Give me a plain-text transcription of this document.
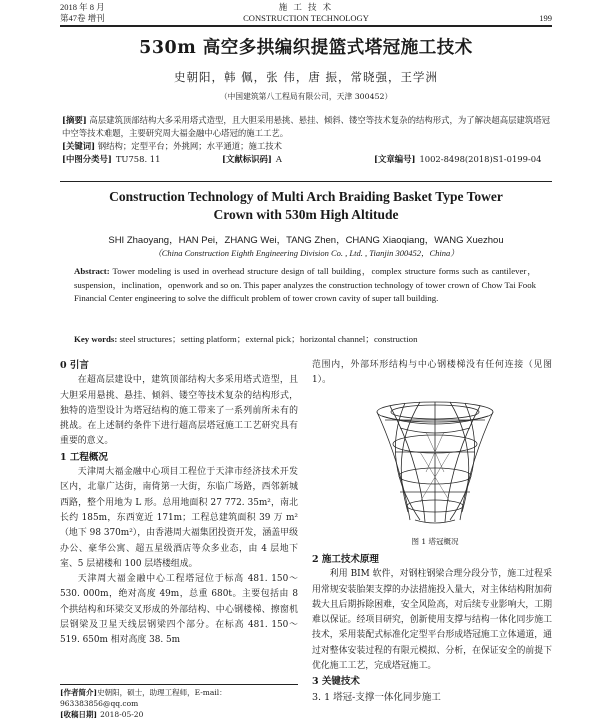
2018 年 8 月
第47卷 增刊
施 工 技 术
CONSTRUCTION TECHNOLOGY	199
530m 高空多拱编织提篮式塔冠施工技术
史朝阳，韩 佩，张 伟，唐 振，常晓强，王学洲
（中国建筑第八工程局有限公司，天津 300452）
[摘要] 高层建筑顶部结构大多采用塔式造型，且大胆采用悬挑、悬挂、倾斜、镂空等技术复杂的结构形式，为了解决超高层建筑塔冠中空等技术难题，主要研究周大福金融中心塔冠的施工工艺。
[关键词] 钢结构；定型平台；外挑网；水平通道；施工技术
[中图分类号] TU758. 11	[文献标识码] A	[文章编号] 1002-8498(2018)S1-0199-04
Construction Technology of Multi Arch Braiding Basket Type Tower
Crown with 530m High Altitude
SHI Zhaoyang，HAN Pei，ZHANG Wei，TANG Zhen，CHANG Xiaoqiang，WANG Xuezhou
（China Construction Eighth Engineering Division Co. , Ltd. , Tianjin 300452，China）
Abstract: Tower modeling is used in overhead structure design of tall building，complex structure forms such as cantilever，suspension，inclination，openwork and so on. This paper analyzes the construction technology of tower crown of Chow Tai Fook Financial Center engineering to solve the difficult problem of tower crown cavity of super tall building.
Key words: steel structures；setting platform；external pick；horizontal channel；construction

0 引言

在超高层建设中，建筑顶部结构大多采用塔式造型，且大胆采用悬挑、悬挂、倾斜、镂空等技术复杂的结构形式，独特的造型设计为塔冠结构的施工带来了一系列前所未有的挑战。在上述制约条件下进行超高层塔冠施工工艺研究具有重要的意义。

1 工程概况

天津周大福金融中心项目工程位于天津市经济技术开发区内，北靠广达街，南倚第一大街，东临广场路，西邻新城西路，整个用地为 L 形。总用地面积 27 772. 35m²，南北长约 185m，东西宽近 171m；工程总建筑面积 39 万 m²（地下 98 370m²），由香港周大福集团投资开发，涵盖甲级办公、豪华公寓、超五星级酒店等众多业态，由 4 层地下室、5 层裙楼和 100 层塔楼组成。

天津周大福金融中心工程塔冠位于标高 481. 150～530. 000m，绝对高度 49m，总重 680t。主要包括由 8 个拱结构和环梁交叉形成的外部结构、中心钢楼梯、擦窗机层钢梁及卫星天线层钢梁四个部分。在标高 481. 150～519. 650m 相对高度 38. 5m

[作者简介]史朝阳，硕士，助理工程师，E-mail：963383856@qq.com
[收稿日期] 2018-05-20

范围内，外部环形结构与中心钢楼梯没有任何连接（见图 1）。

图 1 塔冠概况

2 施工技术原理

利用 BIM 软件，对钢柱钢梁合理分段分节，施工过程采用常规安装胎架支撑的办法措施投入量大，对主体结构附加荷载大且后期拆除困难，安全风险高，对后续专业影响大，工期难以保证。经项目研究，创新使用支撑与结构一体化同步施工技术，采用装配式标准化定型平台形成塔冠施工立体通道，通过对整体安装过程的有限元模拟、分析，在保证安全的前提下优化施工工艺，完成塔冠施工。

3 关键技术

3. 1 塔冠-支撑一体化同步施工
